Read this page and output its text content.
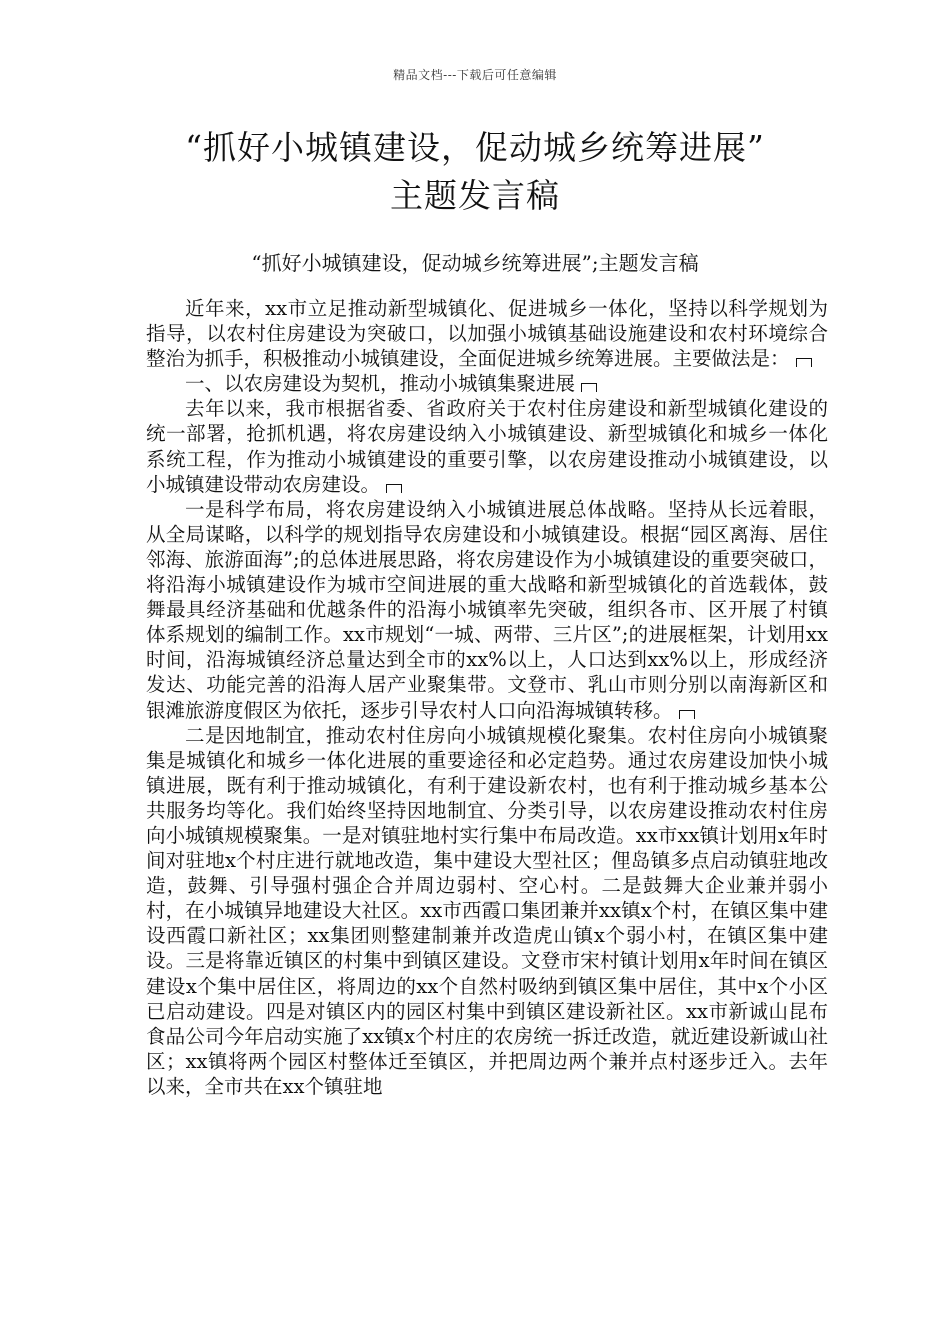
精品文档---下载后可任意编辑
“抓好小城镇建设，促动城乡统筹进展”
主题发言稿
“抓好小城镇建设，促动城乡统筹进展”;主题发言稿

近年来，xx市立足推动新型城镇化、促进城乡一体化，坚持以科学规划为指导，以农村住房建设为突破口，以加强小城镇基础设施建设和农村环境综合整治为抓手，积极推动小城镇建设，全面促进城乡统筹进展。主要做法是：

一、以农房建设为契机，推动小城镇集聚进展

去年以来，我市根据省委、省政府关于农村住房建设和新型城镇化建设的统一部署，抢抓机遇，将农房建设纳入小城镇建设、新型城镇化和城乡一体化系统工程，作为推动小城镇建设的重要引擎，以农房建设推动小城镇建设，以小城镇建设带动农房建设。

一是科学布局，将农房建设纳入小城镇进展总体战略。坚持从长远着眼，从全局谋略，以科学的规划指导农房建设和小城镇建设。根据“园区离海、居住邻海、旅游面海”;的总体进展思路，将农房建设作为小城镇建设的重要突破口，将沿海小城镇建设作为城市空间进展的重大战略和新型城镇化的首选载体，鼓舞最具经济基础和优越条件的沿海小城镇率先突破，组织各市、区开展了村镇体系规划的编制工作。xx市规划“一城、两带、三片区”;的进展框架，计划用xx时间，沿海城镇经济总量达到全市的xx%以上，人口达到xx%以上，形成经济发达、功能完善的沿海人居产业聚集带。文登市、乳山市则分别以南海新区和银滩旅游度假区为依托，逐步引导农村人口向沿海城镇转移。

二是因地制宜，推动农村住房向小城镇规模化聚集。农村住房向小城镇聚集是城镇化和城乡一体化进展的重要途径和必定趋势。通过农房建设加快小城镇进展，既有利于推动城镇化，有利于建设新农村，也有利于推动城乡基本公共服务均等化。我们始终坚持因地制宜、分类引导，以农房建设推动农村住房向小城镇规模聚集。一是对镇驻地村实行集中布局改造。xx市xx镇计划用x年时间对驻地x个村庄进行就地改造，集中建设大型社区；俚岛镇多点启动镇驻地改造，鼓舞、引导强村强企合并周边弱村、空心村。二是鼓舞大企业兼并弱小村，在小城镇异地建设大社区。xx市西霞口集团兼并xx镇x个村，在镇区集中建设西霞口新社区；xx集团则整建制兼并改造虎山镇x个弱小村，在镇区集中建设。三是将靠近镇区的村集中到镇区建设。文登市宋村镇计划用x年时间在镇区建设x个集中居住区，将周边的xx个自然村吸纳到镇区集中居住，其中x个小区已启动建设。四是对镇区内的园区村集中到镇区建设新社区。xx市新诚山昆布食品公司今年启动实施了xx镇x个村庄的农房统一拆迁改造，就近建设新诚山社区；xx镇将两个园区村整体迁至镇区，并把周边两个兼并点村逐步迁入。去年以来，全市共在xx个镇驻地
